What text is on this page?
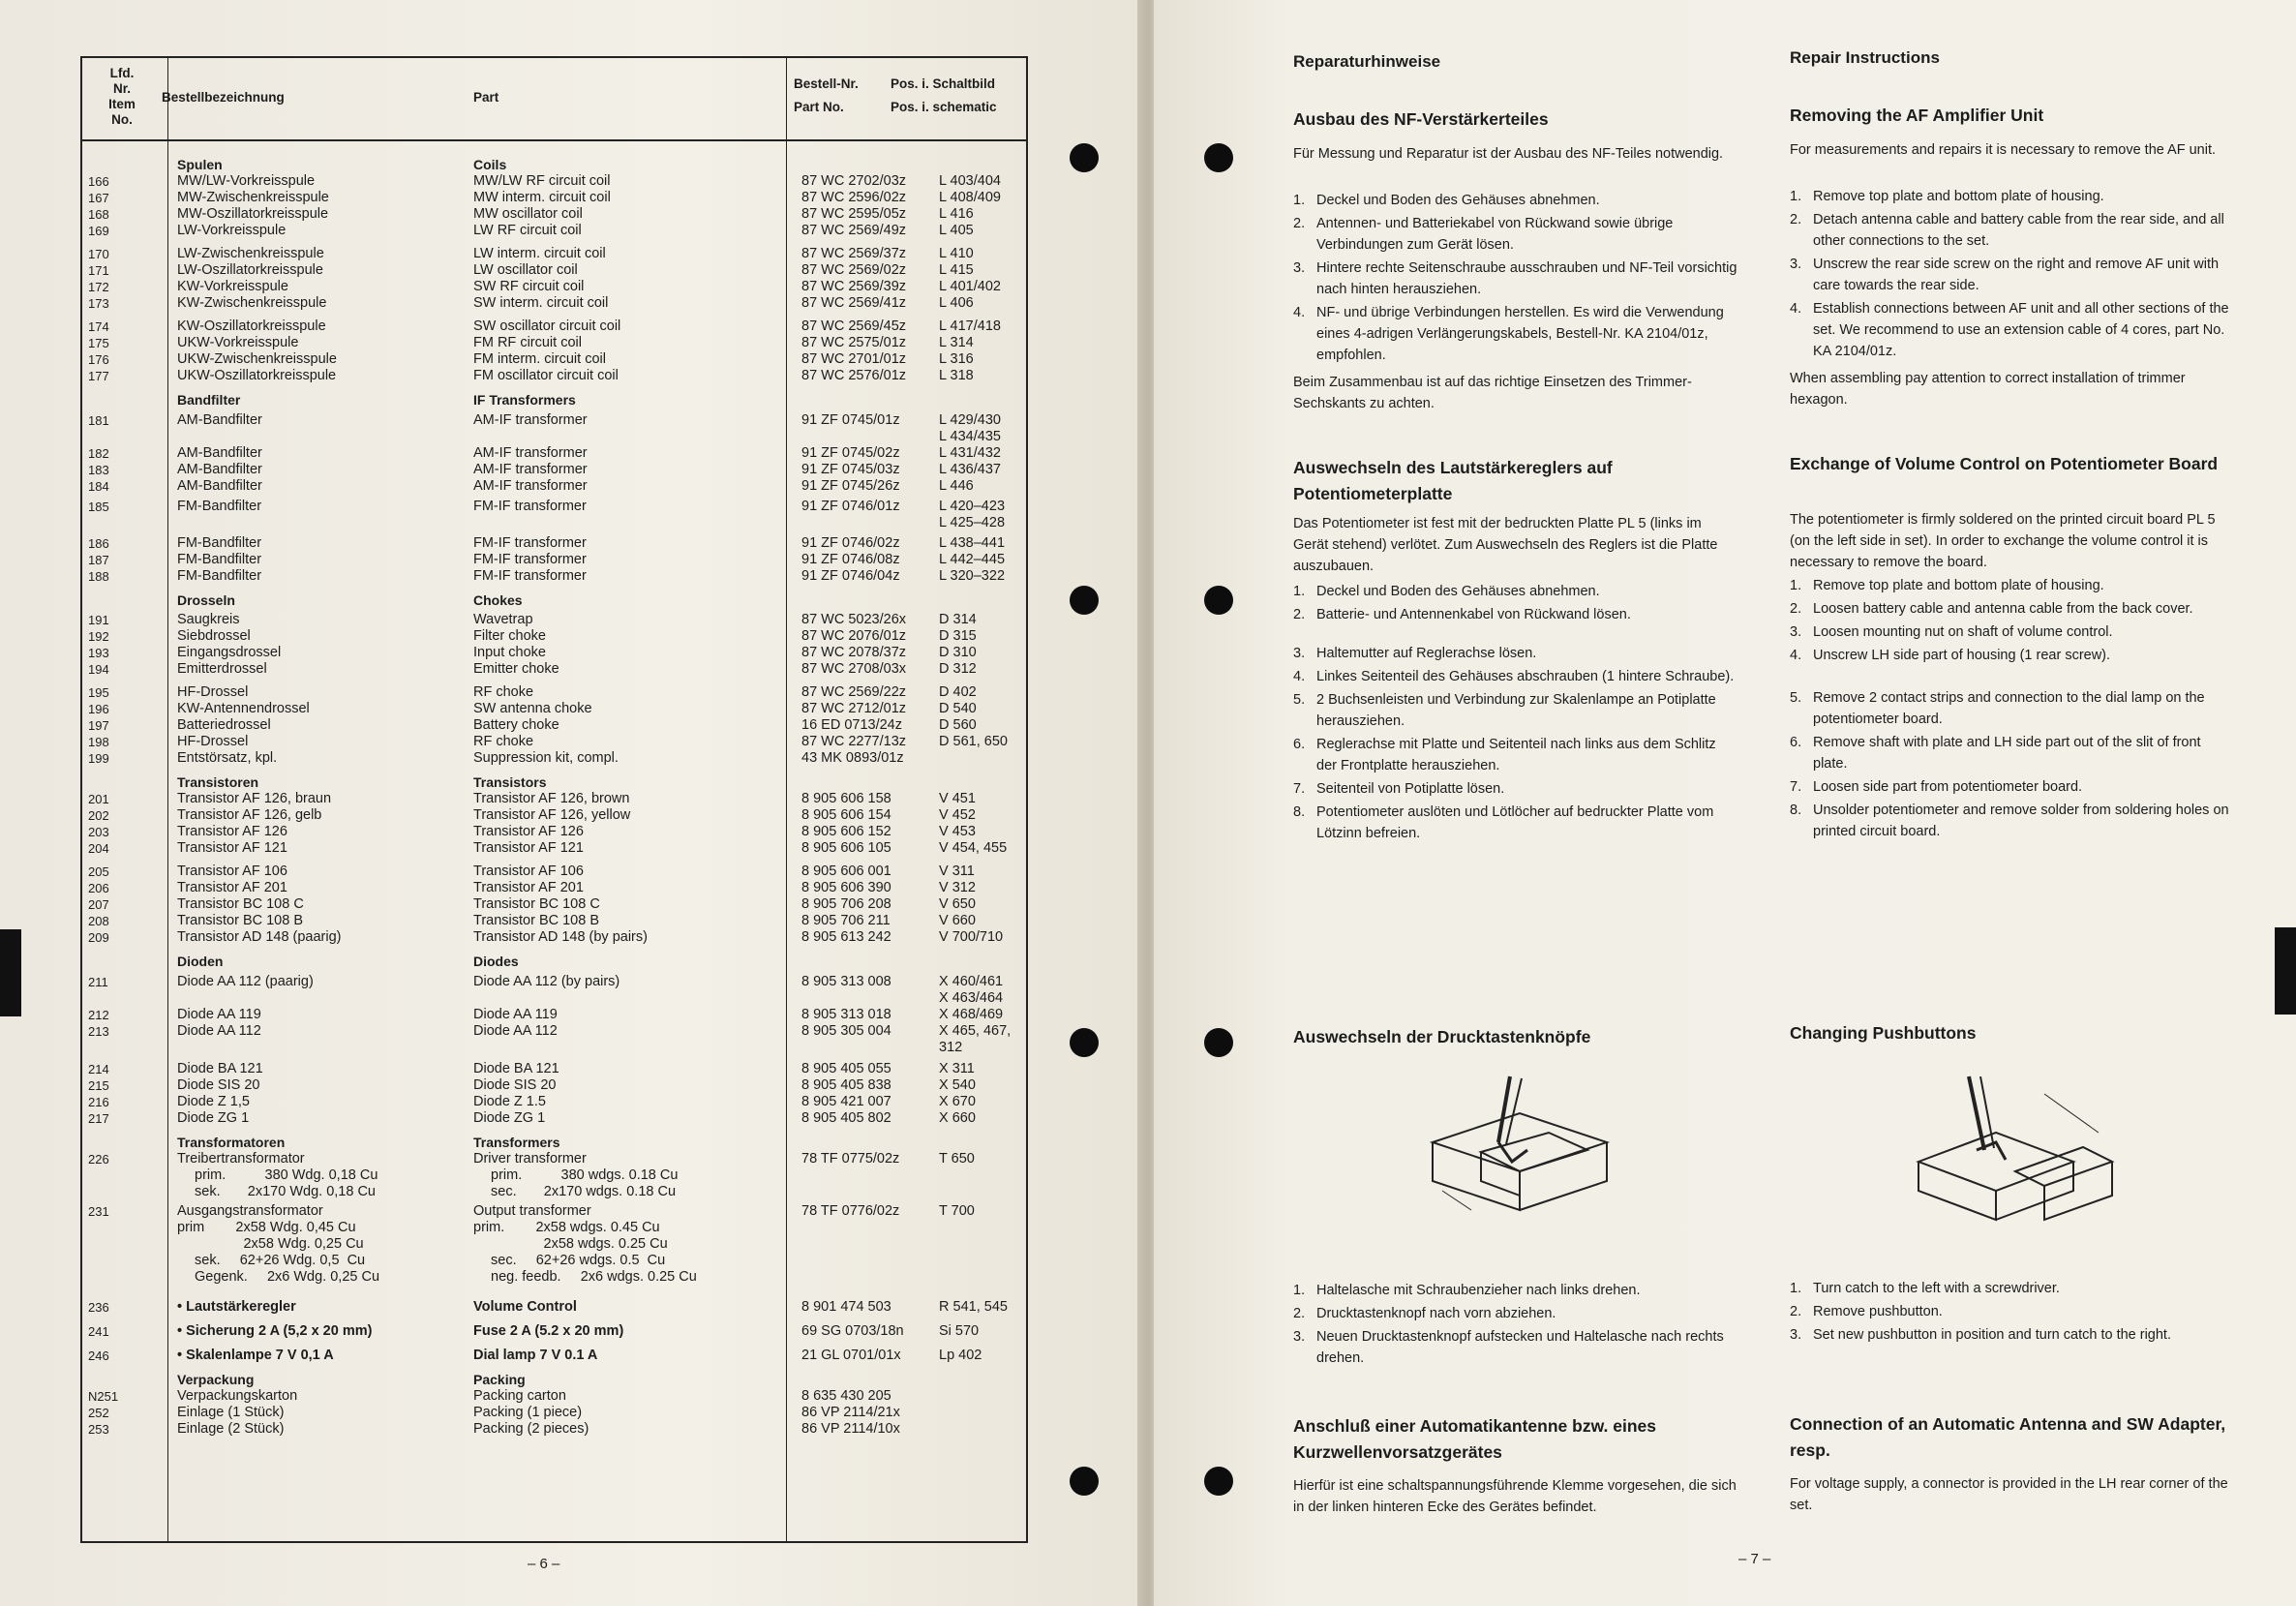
Lfd.
Nr.
Item
No.
Bestellbezeichnung	Part
Bestell-Nr.
Part No.
Pos. i. Schaltbild
Pos. i. schematic
Spulen	Coils
166	MW/LW-Vorkreisspule	MW/LW RF circuit coil	87 WC 2702/03z L 403/404
167	MW-Zwischenkreisspule	MW interm. circuit coil	87 WC 2596/02z L 408/409
168	MW-Oszillatorkreisspule	MW oscillator coil	87 WC 2595/05z L 416
169	LW-Vorkreisspule	LW RF circuit coil	87 WC 2569/49z L 405
170	LW-Zwischenkreisspule	LW interm. circuit coil	87 WC 2569/37z L 410
171	LW-Oszillatorkreisspule	LW oscillator coil	87 WC 2569/02z L 415
172	KW-Vorkreisspule	SW RF circuit coil	87 WC 2569/39z L 401/402
173	KW-Zwischenkreisspule	SW interm. circuit coil	87 WC 2569/41z L 406
174	KW-Oszillatorkreisspule	SW oscillator circuit coil	87 WC 2569/45z L 417/418
175	UKW-Vorkreisspule	FM RF circuit coil	87 WC 2575/01z L 314
176	UKW-Zwischenkreisspule	FM interm. circuit coil	87 WC 2701/01z L 316
177	UKW-Oszillatorkreisspule	FM oscillator circuit coil	87 WC 2576/01z L 318
Bandfilter	IF Transformers
181	AM-Bandfilter	AM-IF transformer	91 ZF 0745/01z	L 429/430
L 434/435
182	AM-Bandfilter	AM-IF transformer	91 ZF 0745/02z	L 431/432
183	AM-Bandfilter	AM-IF transformer	91 ZF 0745/03z	L 436/437
184	AM-Bandfilter	AM-IF transformer	91 ZF 0745/26z	L 446
185	FM-Bandfilter	FM-IF transformer	91 ZF 0746/01z	L 420–423
L 425–428
186	FM-Bandfilter	FM-IF transformer	91 ZF 0746/02z	L 438–441
187	FM-Bandfilter	FM-IF transformer	91 ZF 0746/08z	L 442–445
188	FM-Bandfilter	FM-IF transformer	91 ZF 0746/04z	L 320–322
Drosseln	Chokes
191	Saugkreis	Wavetrap	87 WC 5023/26x D 314
192	Siebdrossel	Filter choke	87 WC 2076/01z D 315
193	Eingangsdrossel	Input choke	87 WC 2078/37z D 310
194	Emitterdrossel	Emitter choke	87 WC 2708/03x D 312
195	HF-Drossel	RF choke	87 WC 2569/22z D 402
196	KW-Antennendrossel	SW antenna choke	87 WC 2712/01z D 540
197	Batteriedrossel	Battery choke	16 ED 0713/24z	D 560
198	HF-Drossel	RF choke	87 WC 2277/13z D 561, 650
199	Entstörsatz, kpl.	Suppression kit, compl.	43 MK 0893/01z
Transistoren	Transistors
201	Transistor AF 126, braun	Transistor AF 126, brown	8 905 606 158	V 451
202	Transistor AF 126, gelb	Transistor AF 126, yellow	8 905 606 154	V 452
203	Transistor AF 126	Transistor AF 126	8 905 606 152	V 453
204	Transistor AF 121	Transistor AF 121	8 905 606 105	V 454, 455
205	Transistor AF 106	Transistor AF 106	8 905 606 001	V 311
206	Transistor AF 201	Transistor AF 201	8 905 606 390	V 312
207	Transistor BC 108 C	Transistor BC 108 C	8 905 706 208	V 650
208	Transistor BC 108 B	Transistor BC 108 B	8 905 706 211	V 660
209	Transistor AD 148 (paarig)	Transistor AD 148 (by pairs)	8 905 613 242	V 700/710
Dioden	Diodes
211	Diode AA 112 (paarig)	Diode AA 112 (by pairs)	8 905 313 008	X 460/461
X 463/464
212	Diode AA 119	Diode AA 119	8 905 313 018	X 468/469
213	Diode AA 112	Diode AA 112	8 905 305 004	X 465, 467,
312
214	Diode BA 121	Diode BA 121	8 905 405 055	X 311
215	Diode SIS 20	Diode SIS 20	8 905 405 838	X 540
216	Diode Z 1,5	Diode Z 1.5	8 905 421 007	X 670
217	Diode ZG 1	Diode ZG 1	8 905 405 802	X 660
Transformatoren	Transformers
226	Treibertransformator	Driver transformer	78 TF 0775/02z	T 650
prim.          380 Wdg. 0,18 Cu	prim.          380 wdgs. 0.18 Cu
sek.       2x170 Wdg. 0,18 Cu	sec.       2x170 wdgs. 0.18 Cu
231	Ausgangstransformator	Output transformer	78 TF 0776/02z	T 700
prim        2x58 Wdg. 0,45 Cu	prim.        2x58 wdgs. 0.45 Cu
2x58 Wdg. 0,25 Cu	2x58 wdgs. 0.25 Cu
sek.     62+26 Wdg. 0,5  Cu	sec.     62+26 wdgs. 0.5  Cu
Gegenk.     2x6 Wdg. 0,25 Cu	neg. feedb.     2x6 wdgs. 0.25 Cu
236	• Lautstärkeregler	Volume Control	8 901 474 503	R 541, 545
241	• Sicherung 2 A (5,2 x 20 mm)	Fuse 2 A (5.2 x 20 mm)	69 SG 0703/18n	Si 570
246	• Skalenlampe 7 V 0,1 A	Dial lamp 7 V 0.1 A	21 GL 0701/01x	Lp 402
Verpackung	Packing
N251	Verpackungskarton	Packing carton	8 635 430 205
252	Einlage (1 Stück)	Packing (1 piece)	86 VP 2114/21x
253	Einlage (2 Stück)	Packing (2 pieces)	86 VP 2114/10x
– 6 –
Reparaturhinweise
Ausbau des NF-Verstärkerteiles
Für Messung und Reparatur ist der Ausbau des NF-Teiles notwendig.
1. Deckel und Boden des Gehäuses abnehmen.
2. Antennen- und Batteriekabel von Rückwand sowie übrige Verbindungen zum Gerät lösen.
3. Hintere rechte Seitenschraube ausschrauben und NF-Teil vorsichtig nach hinten herausziehen.
4. NF- und übrige Verbindungen herstellen. Es wird die Verwendung eines 4-adrigen Verlängerungskabels, Bestell-Nr. KA 2104/01z, empfohlen.
Beim Zusammenbau ist auf das richtige Einsetzen des Trimmer-Sechskants zu achten.
Auswechseln des Lautstärkereglers auf Potentiometerplatte
Das Potentiometer ist fest mit der bedruckten Platte PL 5 (links im Gerät stehend) verlötet. Zum Auswechseln des Reglers ist die Platte auszubauen.
1. Deckel und Boden des Gehäuses abnehmen.
2. Batterie- und Antennenkabel von Rückwand lösen.
3. Haltemutter auf Reglerachse lösen.
4. Linkes Seitenteil des Gehäuses abschrauben (1 hintere Schraube).
5. 2 Buchsenleisten und Verbindung zur Skalenlampe an Potiplatte herausziehen.
6. Reglerachse mit Platte und Seitenteil nach links aus dem Schlitz der Frontplatte herausziehen.
7. Seitenteil von Potiplatte lösen.
8. Potentiometer auslöten und Lötlöcher auf bedruckter Platte vom Lötzinn befreien.
Auswechseln der Drucktastenknöpfe
1. Haltelasche mit Schraubenzieher nach links drehen.
2. Drucktastenknopf nach vorn abziehen.
3. Neuen Drucktastenknopf aufstecken und Haltelasche nach rechts drehen.
Anschluß einer Automatikantenne bzw. eines Kurzwellenvorsatzgerätes
Hierfür ist eine schaltspannungsführende Klemme vorgesehen, die sich in der linken hinteren Ecke des Gerätes befindet.
Repair Instructions
Removing the AF Amplifier Unit
For measurements and repairs it is necessary to remove the AF unit.
1. Remove top plate and bottom plate of housing.
2. Detach antenna cable and battery cable from the rear side, and all other connections to the set.
3. Unscrew the rear side screw on the right and remove AF unit with care towards the rear side.
4. Establish connections between AF unit and all other sections of the set. We recommend to use an extension cable of 4 cores, part No. KA 2104/01z.
When assembling pay attention to correct installation of trimmer hexagon.
Exchange of Volume Control on Potentiometer Board
The potentiometer is firmly soldered on the printed circuit board PL 5 (on the left side in set). In order to exchange the volume control it is necessary to remove the board.
1. Remove top plate and bottom plate of housing.
2. Loosen battery cable and antenna cable from the back cover.
3. Loosen mounting nut on shaft of volume control.
4. Unscrew LH side part of housing (1 rear screw).
5. Remove 2 contact strips and connection to the dial lamp on the potentiometer board.
6. Remove shaft with plate and LH side part out of the slit of front plate.
7. Loosen side part from potentiometer board.
8. Unsolder potentiometer and remove solder from soldering holes on printed circuit board.
Changing Pushbuttons
1. Turn catch to the left with a screwdriver.
2. Remove pushbutton.
3. Set new pushbutton in position and turn catch to the right.
Connection of an Automatic Antenna and SW Adapter, resp.
For voltage supply, a connector is provided in the LH rear corner of the set.
– 7 –
